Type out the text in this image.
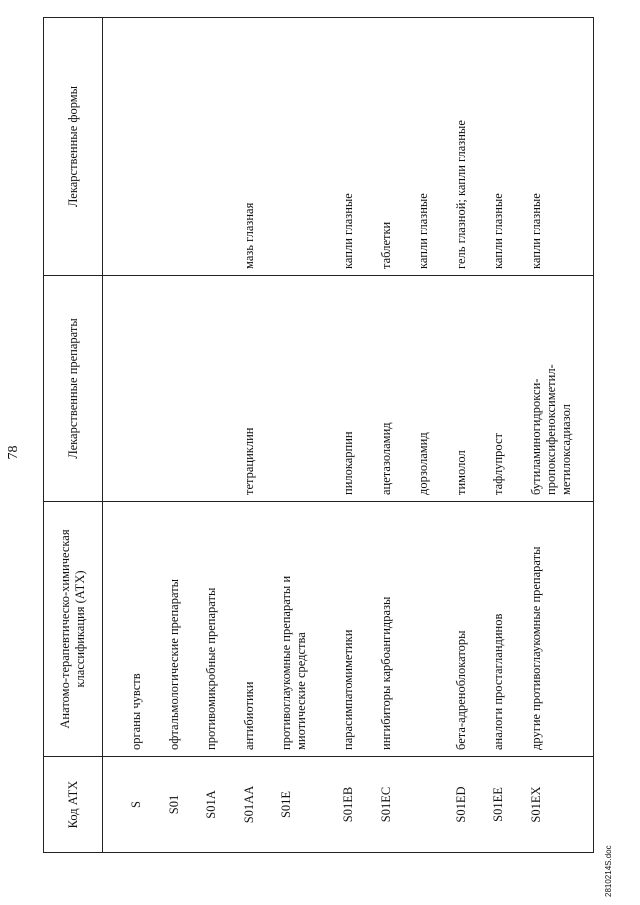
78
Код АТХ	Анатомо-терапевтическо-химическая классификация (АТХ)	Лекарственные препараты	Лекарственные формы

S	органы чувств		
S01	офтальмологические препараты		
S01A	противомикробные препараты		
S01AA	антибиотики	тетрациклин	мазь глазная
S01E	противоглаукомные препараты и миотические средства		
S01EB	парасимпатомиметики	пилокарпин	капли глазные
S01EC	ингибиторы карбоангидразы	ацетазоламид	таблетки
		дорзоламид	капли глазные
S01ED	бета-адреноблокаторы	тимолол	гель глазной; капли глазные
S01EE	аналоги простагландинов	тафлупрост	капли глазные
S01EX	другие противоглаукомные препараты	бутиламиногидрокси-пропоксифеноксиметил-метилоксадиазол	капли глазные
2810214S.doc
